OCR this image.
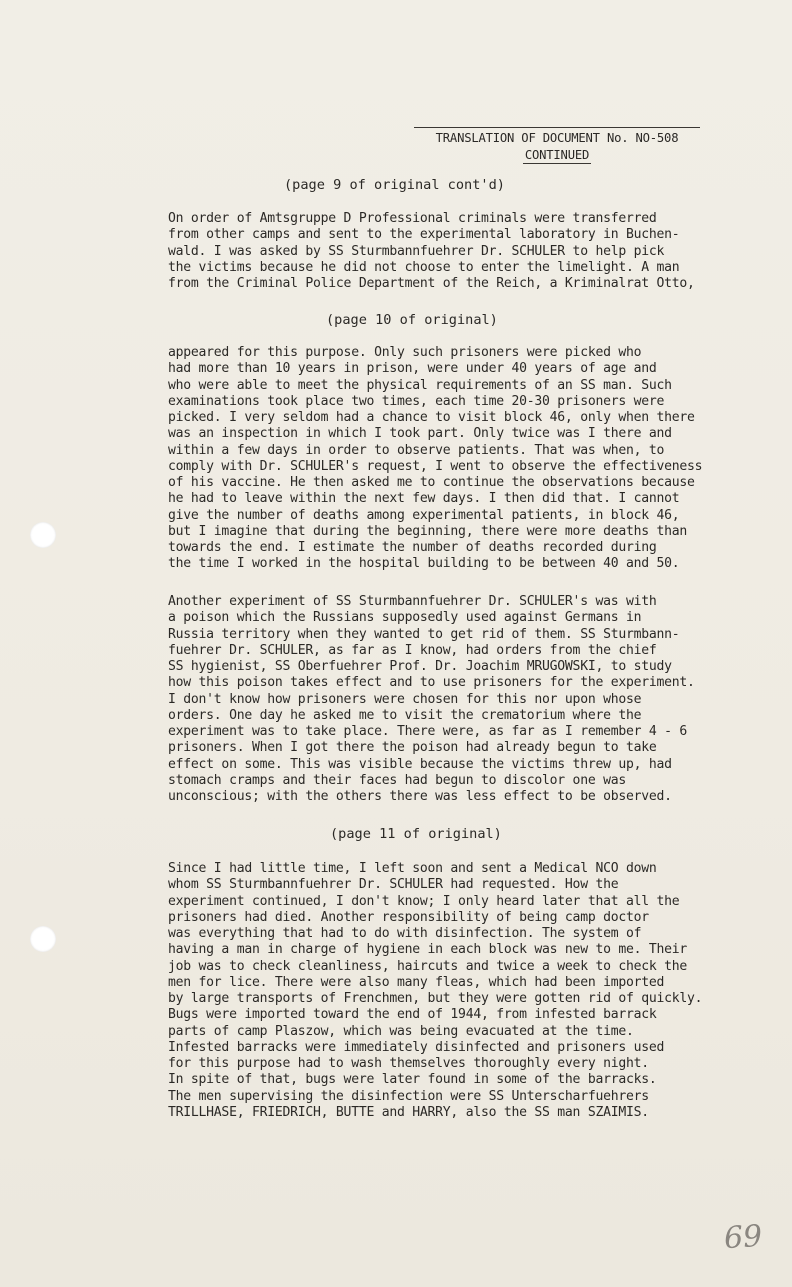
TRANSLATION OF DOCUMENT No. NO-508
CONTINUED
(page 9 of original cont'd)
On order of Amtsgruppe D Professional criminals were transferred
from other camps and sent to the experimental laboratory in Buchen-
wald. I was asked by SS Sturmbannfuehrer Dr. SCHULER to help pick
the victims because he did not choose to enter the limelight. A man
from the Criminal Police Department of the Reich, a Kriminalrat Otto,
(page 10 of original)
appeared for this purpose. Only such prisoners were picked who
had more than 10 years in prison, were under 40 years of age and
who were able to meet the physical requirements of an SS man. Such
examinations took place two times, each time 20-30 prisoners were
picked. I very seldom had a chance to visit block 46, only when there
was an inspection in which I took part. Only twice was I there and
within a few days in order to observe patients. That was when, to
comply with Dr. SCHULER's request, I went to observe the effectiveness
of his vaccine. He then asked me to continue the observations because
he had to leave within the next few days. I then did that. I cannot
give the number of deaths among experimental patients, in block 46,
but I imagine that during the beginning, there were more deaths than
towards the end. I estimate the number of deaths recorded during
the time I worked in the hospital building to be between 40 and 50.
Another experiment of SS Sturmbannfuehrer Dr. SCHULER's was with
a poison which the Russians supposedly used against Germans in
Russia territory when they wanted to get rid of them. SS Sturmbann-
fuehrer Dr. SCHULER, as far as I know, had orders from the chief
SS hygienist, SS Oberfuehrer Prof. Dr. Joachim MRUGOWSKI, to study
how this poison takes effect and to use prisoners for the experiment.
I don't know how prisoners were chosen for this nor upon whose
orders. One day he asked me to visit the crematorium where the
experiment was to take place. There were, as far as I remember 4 - 6
prisoners. When I got there the poison had already begun to take
effect on some. This was visible because the victims threw up, had
stomach cramps and their faces had begun to discolor one was
unconscious; with the others there was less effect to be observed.
(page 11 of original)
Since I had little time, I left soon and sent a Medical NCO down
whom SS Sturmbannfuehrer Dr. SCHULER had requested. How the
experiment continued, I don't know; I only heard later that all the
prisoners had died. Another responsibility of being camp doctor
was everything that had to do with disinfection. The system of
having a man in charge of hygiene in each block was new to me. Their
job was to check cleanliness, haircuts and twice a week to check the
men for lice. There were also many fleas, which had been imported
by large transports of Frenchmen, but they were gotten rid of quickly.
Bugs were imported toward the end of 1944, from infested barrack
parts of camp Plaszow, which was being evacuated at the time.
Infested barracks were immediately disinfected and prisoners used
for this purpose had to wash themselves thoroughly every night.
In spite of that, bugs were later found in some of the barracks.
The men supervising the disinfection were SS Unterscharfuehrers
TRILLHASE, FRIEDRICH, BUTTE and HARRY, also the SS man SZAIMIS.
69
